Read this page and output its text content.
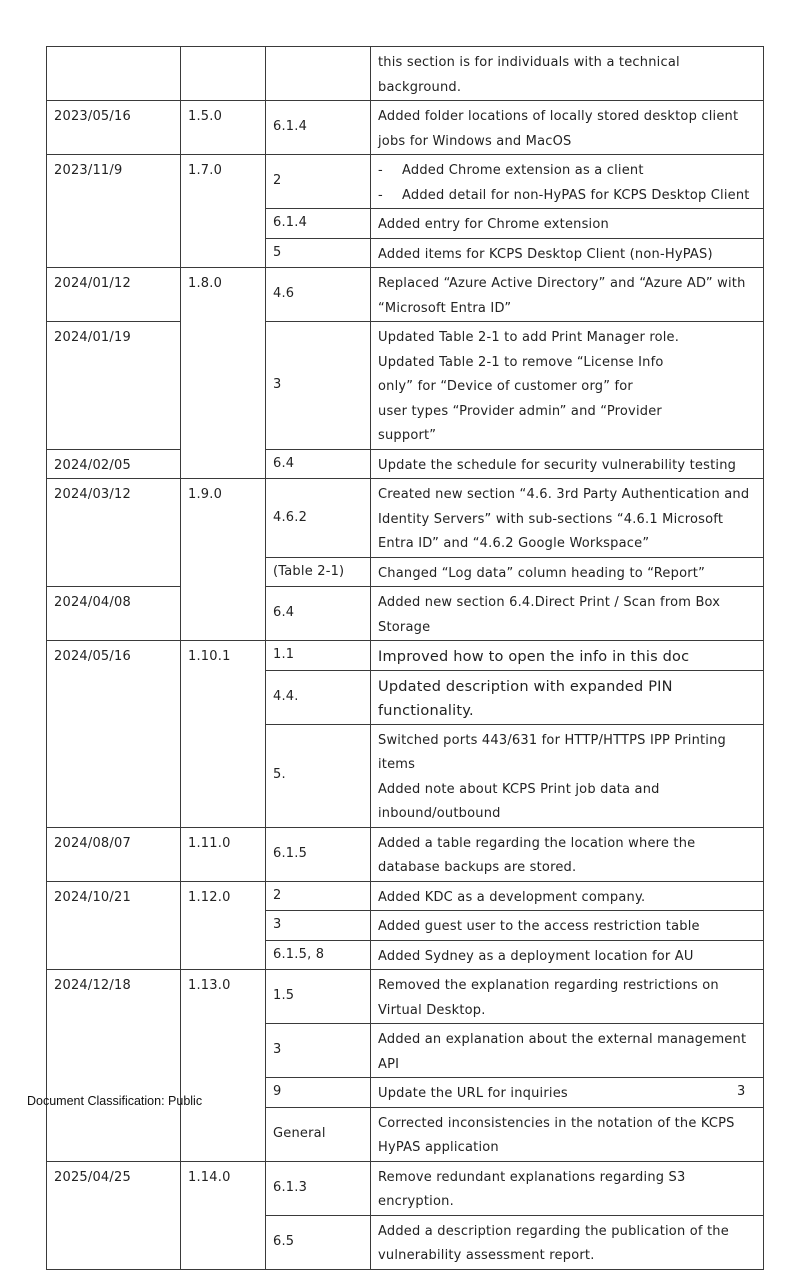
			this section is for individuals with a technical background.
2023/05/16	1.5.0	6.1.4	Added folder locations of locally stored desktop client jobs for Windows and MacOS
2023/11/9	1.7.0	2	- Added Chrome extension as a client
- Added detail for non-HyPAS for KCPS Desktop Client

		6.1.4	Added entry for Chrome extension
		5	Added items for KCPS Desktop Client (non-HyPAS)
2024/01/12	1.8.0	4.6	Replaced “Azure Active Directory” and “Azure AD” with “Microsoft Entra ID”
2024/01/19		3	Updated Table 2-1 to add Print Manager role.
Updated Table 2-1 to remove “License Info
only” for “Device of customer org” for
user types “Provider admin” and “Provider
support”

2024/02/05		6.4	Update the schedule for security vulnerability testing
2024/03/12	1.9.0	4.6.2	Created new section “4.6. 3rd Party Authentication and Identity Servers” with sub-sections “4.6.1 Microsoft Entra ID” and “4.6.2 Google Workspace”
		(Table 2-1)	Changed “Log data” column heading to “Report”
2024/04/08		6.4	Added new section 6.4.Direct Print / Scan from Box Storage
2024/05/16	1.10.1	1.1	Improved how to open the info in this doc
		4.4.	Updated description with expanded PIN functionality.
		5.	Switched ports 443/631 for HTTP/HTTPS IPP Printing items
Added note about KCPS Print job data and inbound/outbound

2024/08/07	1.11.0	6.1.5	Added a table regarding the location where the database backups are stored.
2024/10/21	1.12.0	2	Added KDC as a development company.
		3	Added guest user to the access restriction table
		6.1.5, 8	Added Sydney as a deployment location for AU
2024/12/18	1.13.0	1.5	Removed the explanation regarding restrictions on Virtual Desktop.
		3	Added an explanation about the external management API
		9	Update the URL for inquiries
		General	Corrected inconsistencies in the notation of the KCPS HyPAS application
2025/04/25	1.14.0	6.1.3	Remove redundant explanations regarding S3 encryption.
		6.5	Added a description regarding the publication of the vulnerability assessment report.
3
Document Classification: Public
